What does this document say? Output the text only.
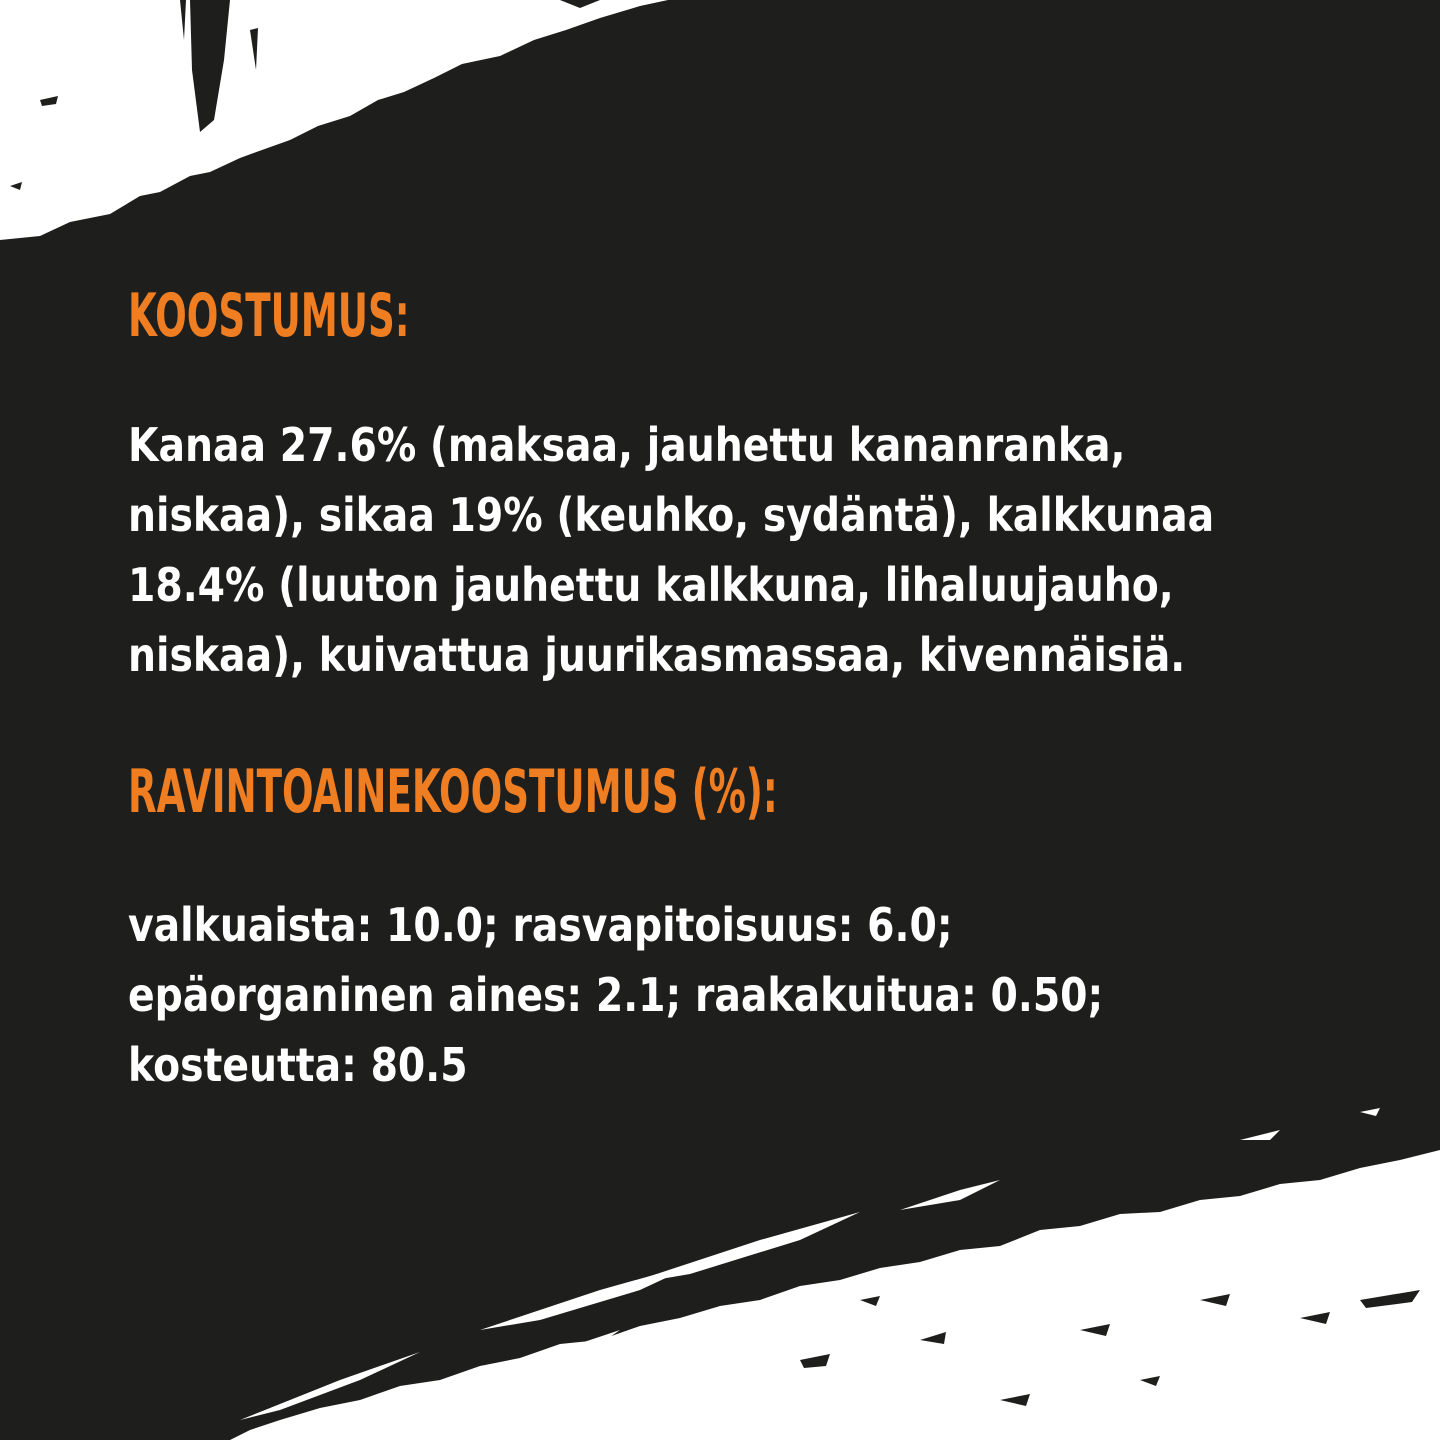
KOOSTUMUS:

Kanaa 27.6% (maksaa, jauhettu kananranka,
niskaa), sikaa 19% (keuhko, sydäntä), kalkkunaa
18.4% (luuton jauhettu kalkkuna, lihaluujauho,
niskaa), kuivattua juurikasmassaa, kivennäisiä.

RAVINTOAINEKOOSTUMUS (%):

valkuaista: 10.0; rasvapitoisuus: 6.0;
epäorganinen aines: 2.1; raakakuitua: 0.50;
kosteutta: 80.5
